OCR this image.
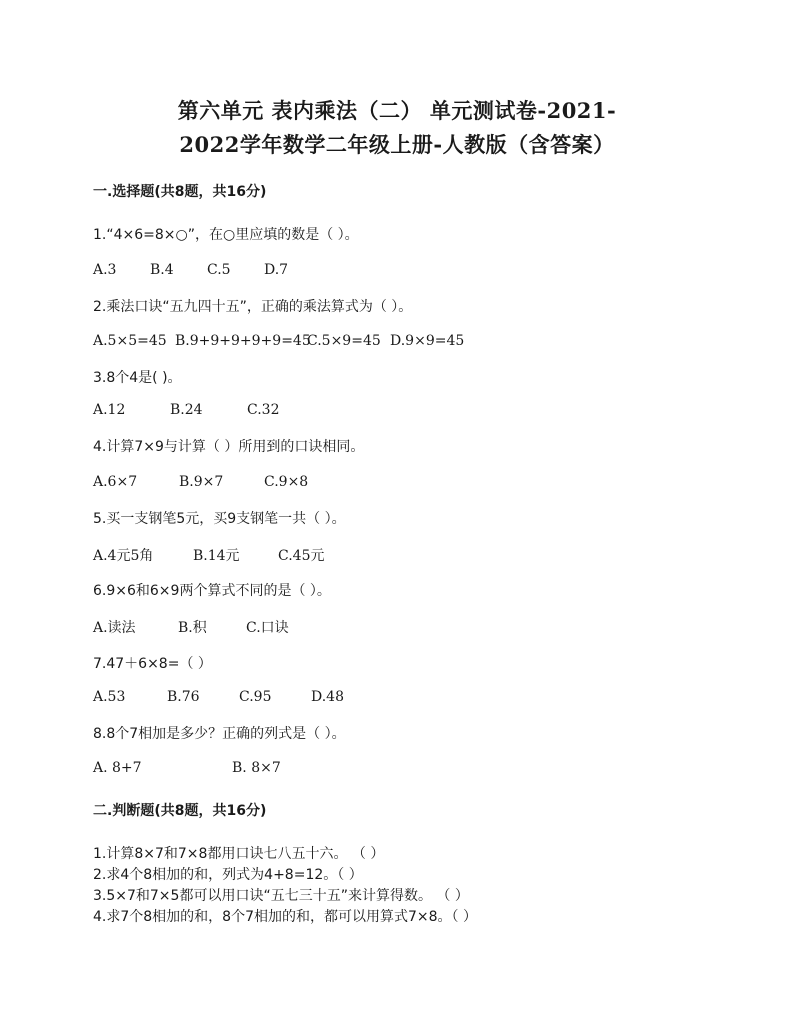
第六单元 表内乘法（二） 单元测试卷-2021-
2022学年数学二年级上册-人教版（含答案）
一.选择题(共8题，共16分)
1.“4×6=8×○”，在○里应填的数是（ ）。
A.3 B.4 C.5 D.7
2.乘法口诀“五九四十五”，正确的乘法算式为（ ）。
A.5×5=45 B.9+9+9+9+9=45
C.5×9=45 D.9×9=45
3.8个4是( )。
A.12	B.24	C.32
4.计算7×9与计算（ ）所用到的口诀相同。
A.6×7	B.9×7	C.9×8
5.买一支钢笔5元，买9支钢笔一共（ ）。
A.4元5角	B.14元	C.45元
6.9×6和6×9两个算式不同的是（ ）。
A.读法	B.积	C.口诀
7.47＋6×8=（ ）
A.53	B.76	C.95	D.48
8.8个7相加是多少？正确的列式是（ ）。
A. 8+7	B. 8×7
二.判断题(共8题，共16分)
1.计算8×7和7×8都用口诀七八五十六。 （ ）
2.求4个8相加的和，列式为4+8=12。（ ）
3.5×7和7×5都可以用口诀“五七三十五”来计算得数。 （ ）
4.求7个8相加的和，8个7相加的和，都可以用算式7×8。（ ）
